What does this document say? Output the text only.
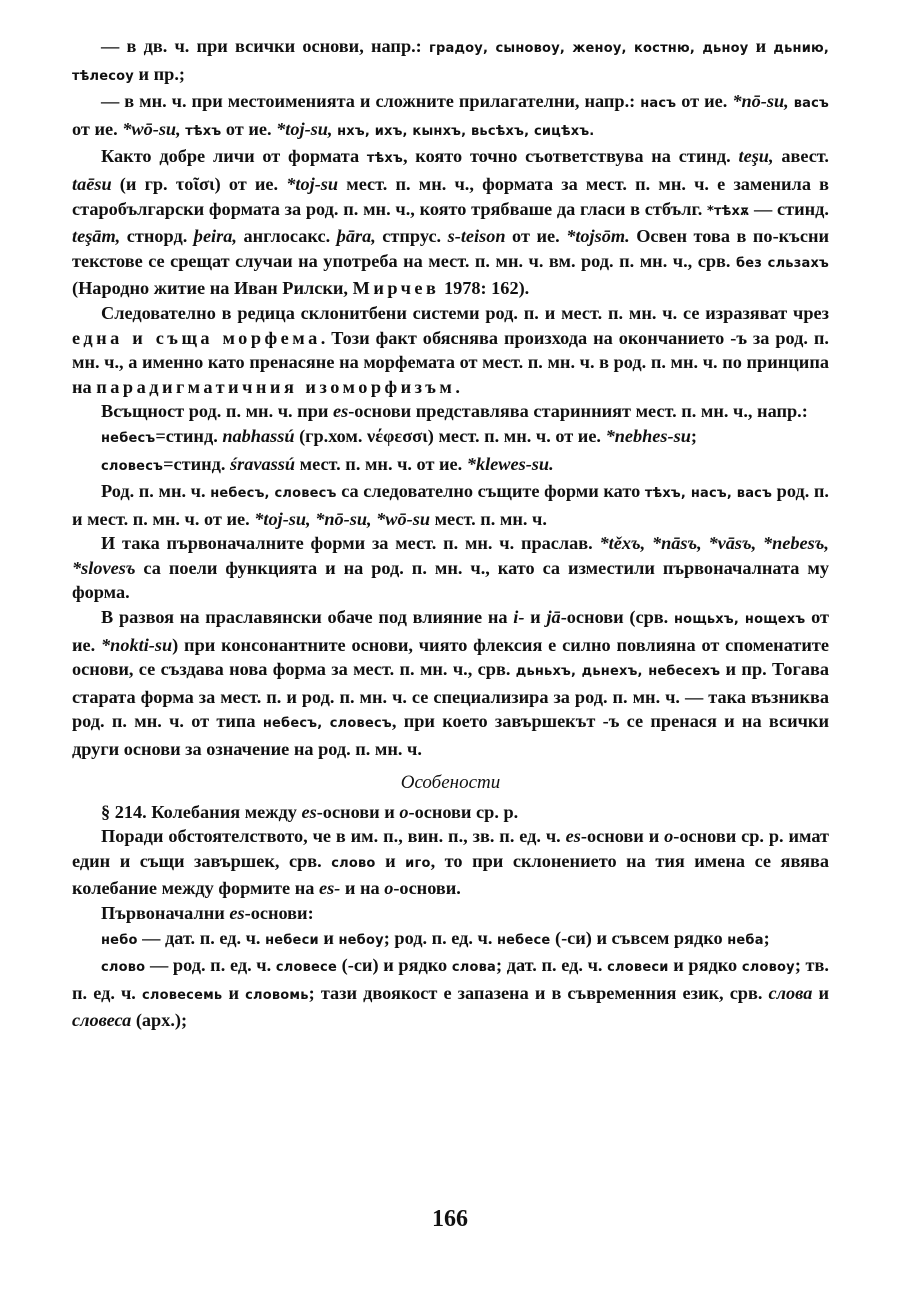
— в дв. ч. при всички основи, напр.: градоу, сыновоу, женоу, костню, дьноу и дьнию, тѣлесоу и пр.;

— в мн. ч. при местоименията и сложните прилагателни, напр.: насъ от ие. *nō-su, васъ от ие. *wō-su, тѣхъ от ие. *toj-su, нхъ, ихъ, кынхъ, вьсѣхъ, сицѣхъ.

Както добре личи от формата тѣхъ, която точно съответствува на стинд. teşu, авест. taēsu (и гр. τοῖσι) от ие. *toj-su мест. п. мн. ч., формата за мест. п. мн. ч. е заменила в старобългарски формата за род. п. мн. ч., която трябваше да гласи в стбълг. *тѣхѫ — стинд. teşām, стнорд. þeira, англосакс. þāra, стпрус. s-teison от ие. *tojsōm. Освен това в по-късни текстове се срещат случаи на употреба на мест. п. мн. ч. вм. род. п. мн. ч., срв. без сльзахъ (Народно житие на Иван Рилски, Мирчев 1978: 162).

Следователно в редица склонитбени системи род. п. и мест. п. мн. ч. се изразяват чрез една и съща морфема. Този факт обяснява произхода на окончанието -ъ за род. п. мн. ч., а именно като пренасяне на морфемата от мест. п. мн. ч. в род. п. мн. ч. по принципа на парадигматичния изоморфизъм.

Всъщност род. п. мн. ч. при es-основи представлява старинният мест. п. мн. ч., напр.:

небесъ=стинд. nabhassú (гр.хом. νέφεσσι) мест. п. мн. ч. от ие. *nebhes-su;

словесъ=стинд. śravassú мест. п. мн. ч. от ие. *klewes-su.

Род. п. мн. ч. небесъ, словесъ са следователно същите форми като тѣхъ, насъ, васъ род. п. и мест. п. мн. ч. от ие. *toj-su, *nō-su, *wō-su мест. п. мн. ч.

И така първоначалните форми за мест. п. мн. ч. праслав. *těxъ, *nāsъ, *vāsъ, *nebesъ, *slovesъ са поели функцията и на род. п. мн. ч., като са изместили първоначалната му форма.

В развоя на праславянски обаче под влияние на i- и jā-основи (срв. нощьхъ, нощехъ от ие. *nokti-su) при консонантните основи, чиято флексия е силно повлияна от споменатите основи, се създава нова форма за мест. п. мн. ч., срв. дьньхъ, дьнехъ, небесехъ и пр. Тогава старата форма за мест. п. и род. п. мн. ч. се специализира за род. п. мн. ч. — така възниква род. п. мн. ч. от типа небесъ, словесъ, при което завършекът -ъ се пренася и на всички други основи за означение на род. п. мн. ч.

Особености

§ 214. Колебания между es-основи и o-основи ср. р.

Поради обстоятелството, че в им. п., вин. п., зв. п. ед. ч. es-основи и o-основи ср. р. имат един и същи завършек, срв. слово и иго, то при склонението на тия имена се явява колебание между формите на es- и на o-основи.

Първоначални es-основи:

небо — дат. п. ед. ч. небеси и небоу; род. п. ед. ч. небесе (-си) и съвсем рядко неба;

слово — род. п. ед. ч. словесе (-си) и рядко слова; дат. п. ед. ч. словеси и рядко словоу; тв. п. ед. ч. словесемь и словомь; тази двоякост е запазена и в съвременния език, срв. слова и словеса (арх.);

166
